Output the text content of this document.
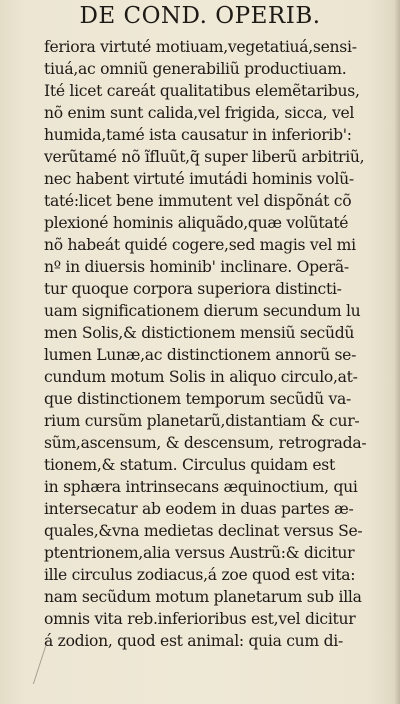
DE COND. OPERIB.
feriora virtuté motiuam,vegetatiuá,sensi-
tiuá,ac omniũ generabiliũ productiuam.
Ité licet careát qualitatibus elemẽtaribus,
nõ enim sunt calida,vel frigida, sicca, vel
humida,tamé ista causatur in inferiorib':
verũtamé nõ ĩfluũt,q̃ super liberũ arbitriũ,
nec habent virtuté imutádi hominis volũ-
taté:licet bene immutent vel dispõnát cõ
plexioné hominis aliquãdo,quæ volũtaté
nõ habeát quidé cogere,sed magis vel mi
nº in diuersis hominib' inclinare. Operã-
tur quoque corpora superiora distincti-
uam significationem dierum secundum lu
men Solis,& distictionem mensiũ secũdũ
lumen Lunæ,ac distinctionem annorũ se-
cundum motum Solis in aliquo circulo,at-
que distinctionem temporum secũdũ va-
rium cursũm planetarũ,distantiam & cur-
sũm,ascensum, & descensum, retrograda-
tionem,& statum. Circulus quidam est
in sphæra intrinsecans æquinoctium, qui
intersecatur ab eodem in duas partes æ-
quales,&vna medietas declinat versus Se-
ptentrionem,alia versus Austrũ:& dicitur
ille circulus zodiacus,á zoe quod est vita:
nam secũdum motum planetarum sub illa
omnis vita reb.inferioribus est,vel dicitur
á zodion, quod est animal: quia cum di-
